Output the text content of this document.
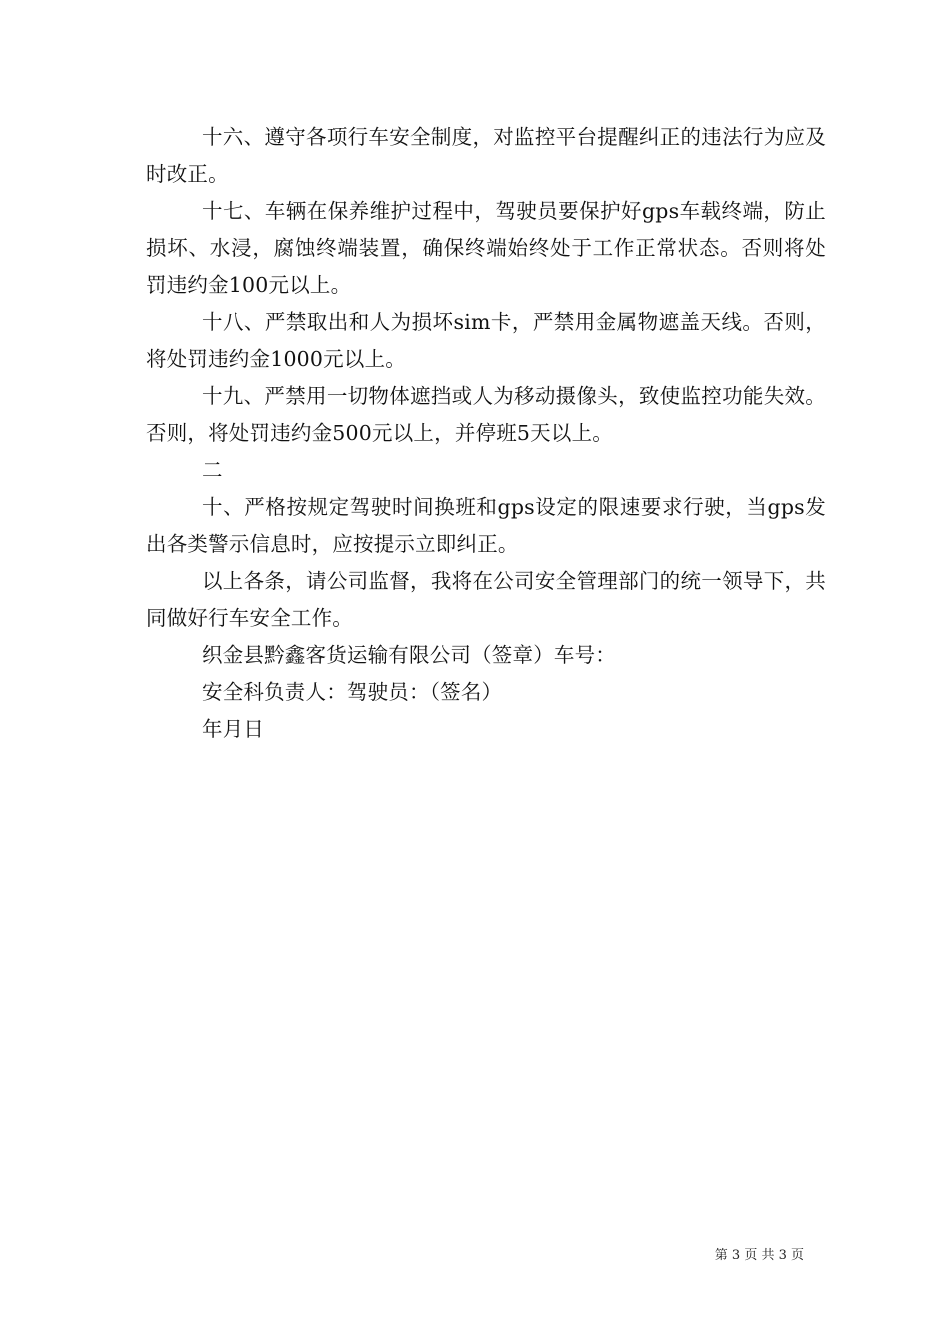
十六、遵守各项行车安全制度，对监控平台提醒纠正的违法行为应及时改正。

十七、车辆在保养维护过程中，驾驶员要保护好gps车载终端，防止损坏、水浸，腐蚀终端装置，确保终端始终处于工作正常状态。否则将处罚违约金100元以上。

十八、严禁取出和人为损坏sim卡，严禁用金属物遮盖天线。否则，将处罚违约金1000元以上。

十九、严禁用一切物体遮挡或人为移动摄像头，致使监控功能失效。否则，将处罚违约金500元以上，并停班5天以上。

二

十、严格按规定驾驶时间换班和gps设定的限速要求行驶，当gps发出各类警示信息时，应按提示立即纠正。

以上各条，请公司监督，我将在公司安全管理部门的统一领导下，共同做好行车安全工作。

织金县黔鑫客货运输有限公司（签章）车号：

安全科负责人：驾驶员：（签名）

年月日

第 3 页 共 3 页
